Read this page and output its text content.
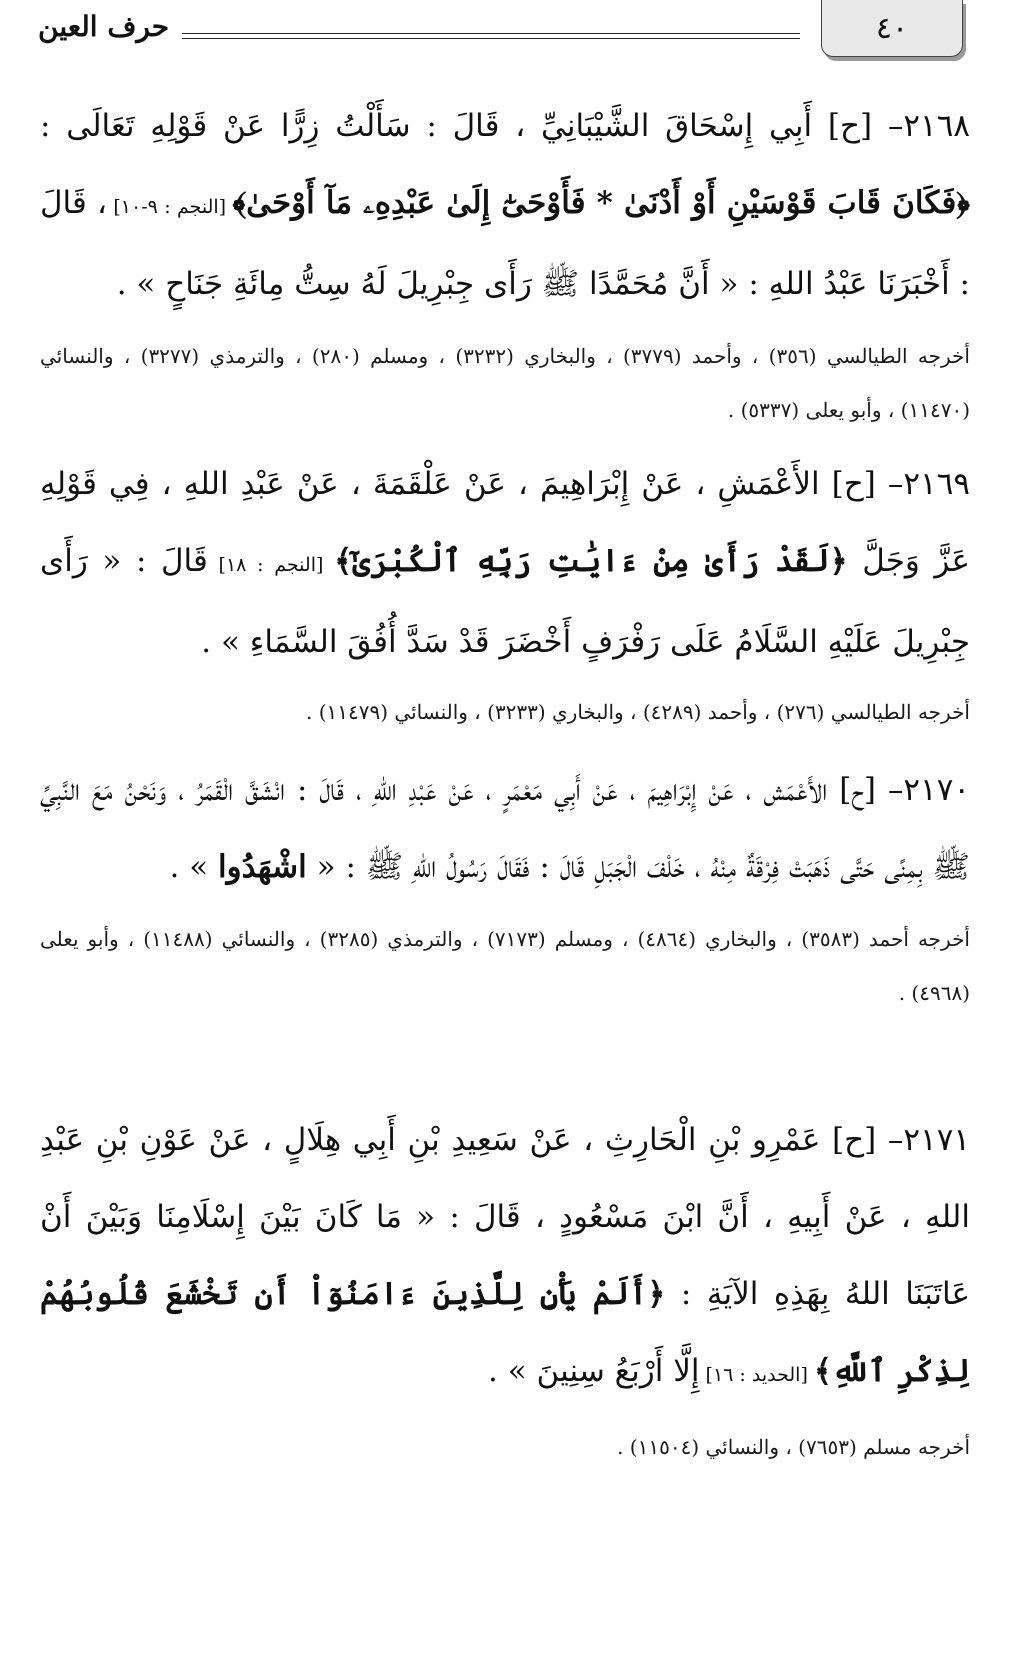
٤٠
حرف العين

٢١٦٨– [ح] أَبِي إِسْحَاقَ الشَّيْبَانِيِّ ، قَالَ : سَأَلْتُ زِرًّا عَنْ قَوْلِهِ تَعَالَى : ﴿فَكَانَ قَابَ قَوْسَيْنِ أَوْ أَدْنَىٰ * فَأَوْحَىٰٓ إِلَىٰ عَبْدِهِۦ مَآ أَوْحَىٰ﴾ [النجم : ٩-١٠] ، قَالَ : أَخْبَرَنَا عَبْدُ اللهِ : « أَنَّ مُحَمَّدًا ﷺ رَأَى جِبْرِيلَ لَهُ سِتُّ مِائَةِ جَنَاحٍ » .

أخرجه الطيالسي (٣٥٦) ، وأحمد (٣٧٧٩) ، والبخاري (٣٢٣٢) ، ومسلم (٢٨٠) ، والترمذي (٣٢٧٧) ، والنسائي (١١٤٧٠) ، وأبو يعلى (٥٣٣٧) .

٢١٦٩– [ح] الأَعْمَشِ ، عَنْ إِبْرَاهِيمَ ، عَنْ عَلْقَمَةَ ، عَنْ عَبْدِ اللهِ ، فِي قَوْلِهِ عَزَّ وَجَلَّ ﴿لَقَدْ رَأَىٰ مِنْ ءَايَٰتِ رَبِّهِ ٱلْكُبْرَىٰٓ﴾ [النجم : ١٨] قَالَ : « رَأَى جِبْرِيلَ عَلَيْهِ السَّلَامُ عَلَى رَفْرَفٍ أَخْضَرَ قَدْ سَدَّ أُفُقَ السَّمَاءِ » .

أخرجه الطيالسي (٢٧٦) ، وأحمد (٤٢٨٩) ، والبخاري (٣٢٣٣) ، والنسائي (١١٤٧٩) .

٢١٧٠– [ح] الأَعْمَش ، عَنْ إِبْرَاهِيمَ ، عَنْ أَبِي مَعْمَرٍ ، عَنْ عَبْدِ اللهِ ، قَالَ : انْشَقَّ الْقَمَرُ ، وَنَحْنُ مَعَ النَّبِيِّ ﷺ بِمِنًى حَتَّى ذَهَبَتْ فِرْقَةٌ مِنْهُ ، خَلْفَ الْجَبَلِ قَالَ : فَقَالَ رَسُولُ اللهِ ﷺ : « اشْهَدُوا » .

أخرجه أحمد (٣٥٨٣) ، والبخاري (٤٨٦٤) ، ومسلم (٧١٧٣) ، والترمذي (٣٢٨٥) ، والنسائي (١١٤٨٨) ، وأبو يعلى (٤٩٦٨) .

٢١٧١– [ح] عَمْرِو بْنِ الْحَارِثِ ، عَنْ سَعِيدِ بْنِ أَبِي هِلَالٍ ، عَنْ عَوْنِ بْنِ عَبْدِ اللهِ ، عَنْ أَبِيهِ ، أَنَّ ابْنَ مَسْعُودٍ ، قَالَ : « مَا كَانَ بَيْنَ إِسْلَامِنَا وَبَيْنَ أَنْ عَاتَبَنَا اللهُ بِهَذِهِ الآيَةِ : ﴿أَلَمْ يَأْنِ لِلَّذِينَ ءَامَنُوٓاْ أَن تَخْشَعَ قُلُوبُهُمْ لِذِكْرِ ٱللَّهِ﴾ [الحديد : ١٦] إِلَّا أَرْبَعُ سِنِينَ » .

أخرجه مسلم (٧٦٥٣) ، والنسائي (١١٥٠٤) .
